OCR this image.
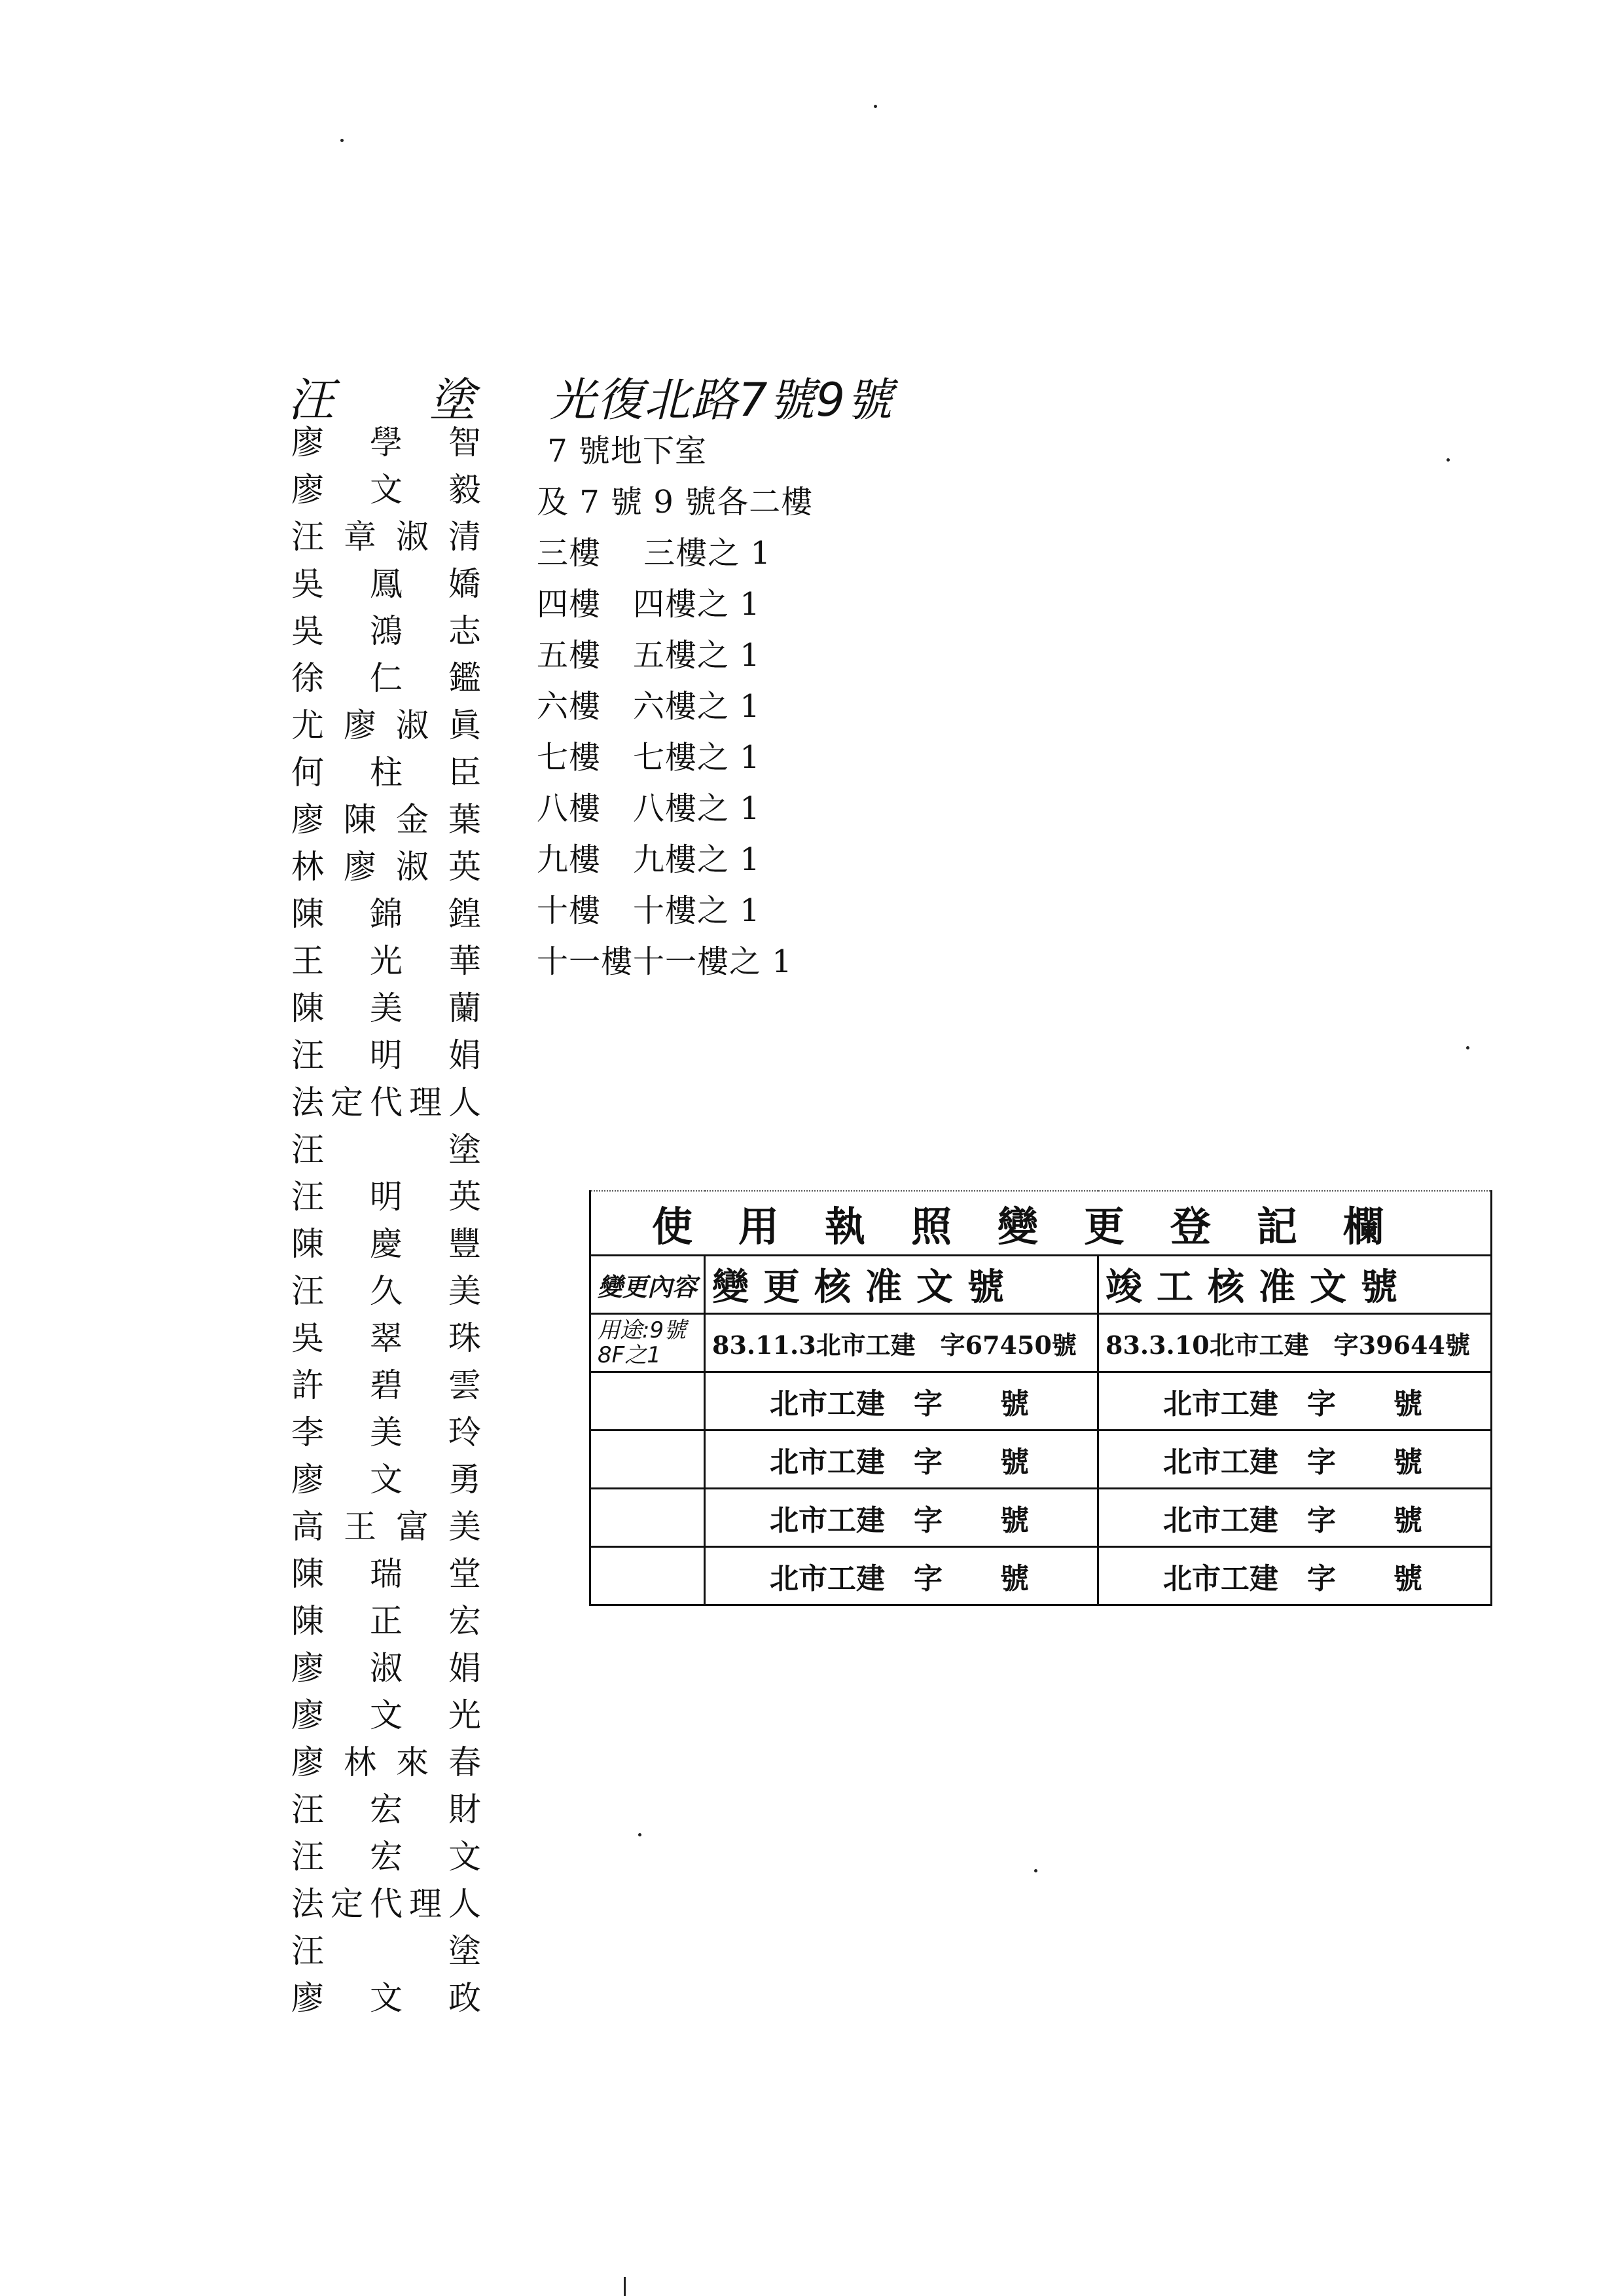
汪　　塗 光復北路7號9號
廖 學 智
廖 文 毅
汪 章 淑 清
吳 鳳 嬌
吳 鴻 志
徐 仁 鑑
尤 廖 淑 眞
何 柱 臣
廖 陳 金 葉
林 廖 淑 英
陳 錦 鍠
王 光 華
陳 美 蘭
汪 明 娟
法 定 代 理 人
汪	塗
汪 明 英
陳 慶 豐
汪 久 美
吳 翠 珠
許 碧 雲
李 美 玲
廖 文 勇
高 王 富 美
陳 瑞 堂
陳 正 宏
廖 淑 娟
廖 文 光
廖 林 來 春
汪 宏 財
汪 宏 文
法 定 代 理 人
汪	塗
廖 文 政
7 號地下室
及 7 號 9 號各二樓
三樓　 三樓之 1
四樓　四樓之 1
五樓　五樓之 1
六樓　六樓之 1
七樓　七樓之 1
八樓　八樓之 1
九樓　九樓之 1
十樓　十樓之 1
十一樓十一樓之 1
使用執照變更登記欄		
變更內容	變更核准文號	竣工核准文號
用途:9號 8F之1	83.11.3北市工建　字67450號	83.3.10北市工建　字39644號
	　　北市工建　字　　號	　　北市工建　字　　號
	　　北市工建　字　　號	　　北市工建　字　　號
	　　北市工建　字　　號	　　北市工建　字　　號
	　　北市工建　字　　號	　　北市工建　字　　號
